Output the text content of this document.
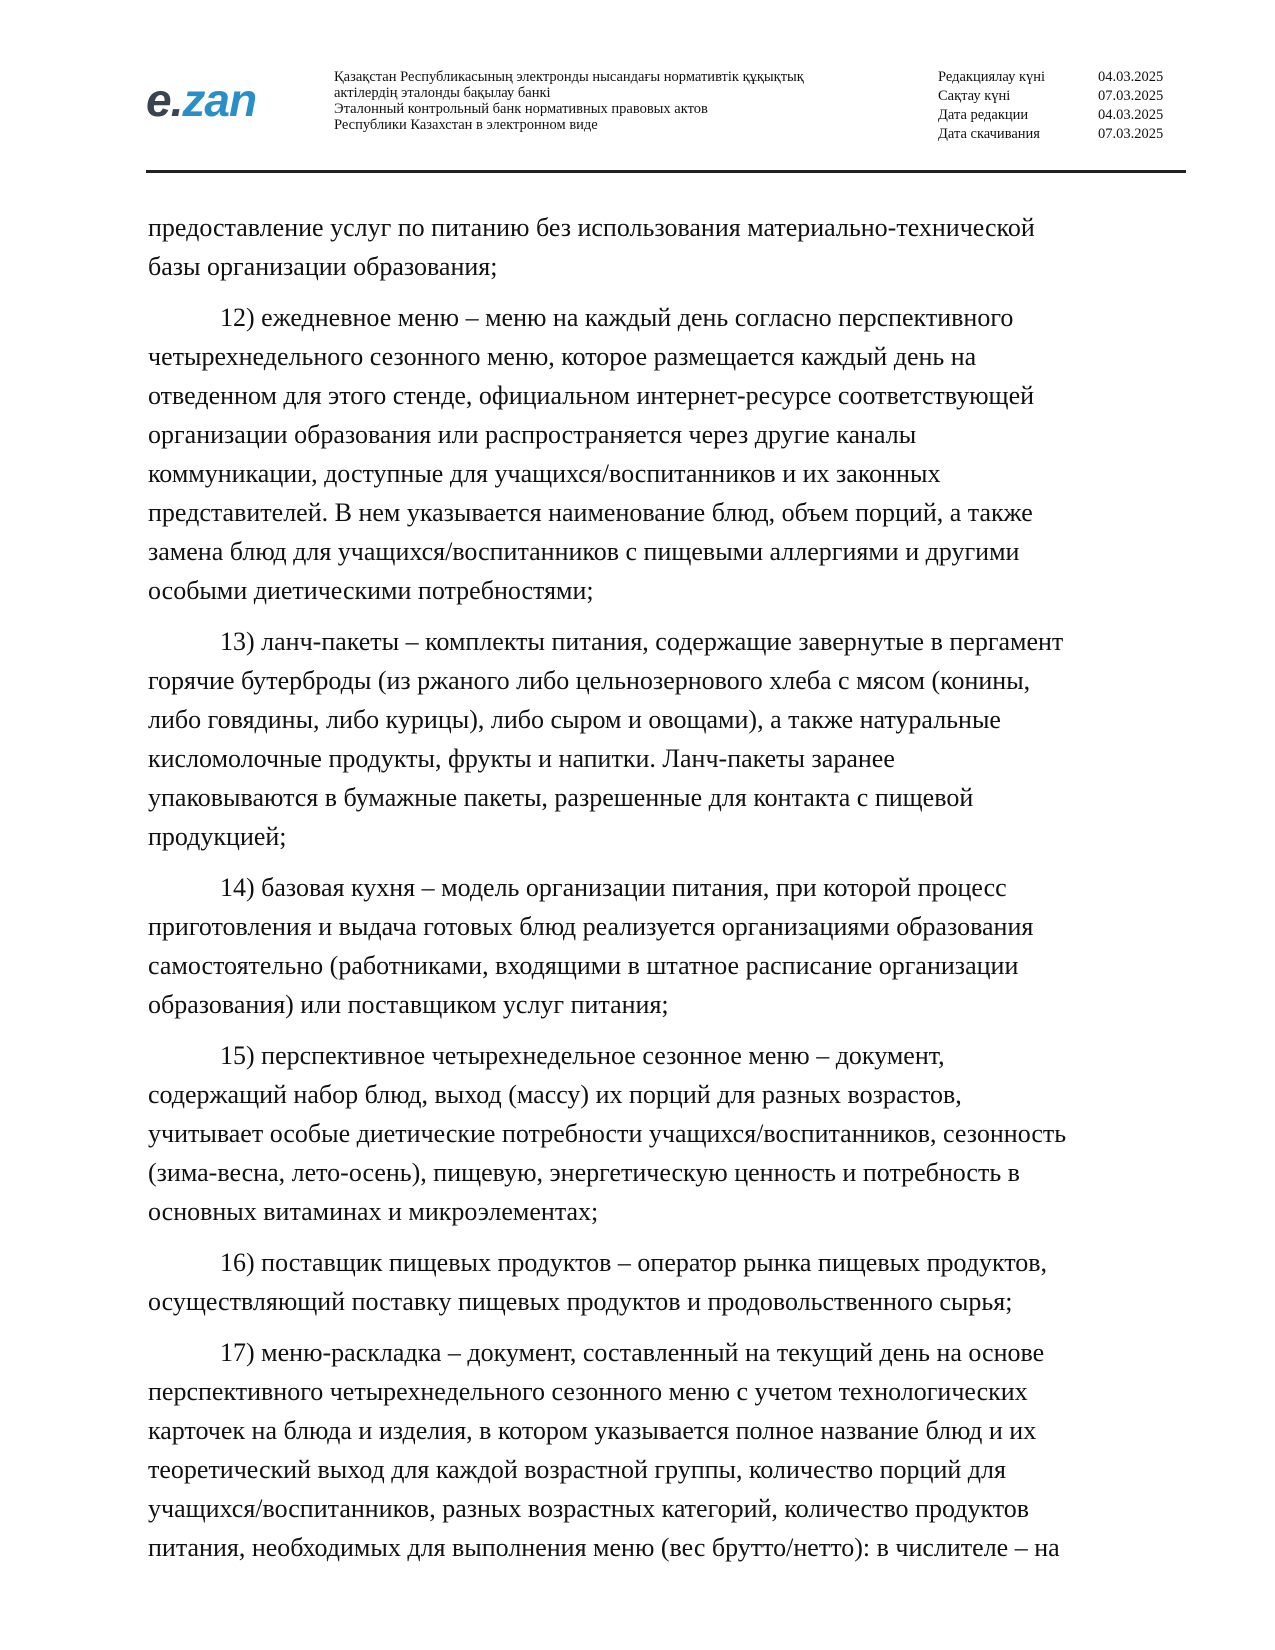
e.zan	Қазақстан Республикасының электронды нысандағы нормативтік құқықтық
актілердің эталонды бақылау банкі
Эталонный контрольный банк нормативных правовых актов
Республики Казахстан в электронном виде
Редакциялау күні	04.03.2025
Сақтау күні	07.03.2025
Дата редакции	04.03.2025
Дата скачивания	07.03.2025

предоставление услуг по питанию без использования материально-технической
базы организации образования;

12) ежедневное меню – меню на каждый день согласно перспективного
четырехнедельного сезонного меню, которое размещается каждый день на
отведенном для этого стенде, официальном интернет-ресурсе соответствующей
организации образования или распространяется через другие каналы
коммуникации, доступные для учащихся/воспитанников и их законных
представителей. В нем указывается наименование блюд, объем порций, а также
замена блюд для учащихся/воспитанников с пищевыми аллергиями и другими
особыми диетическими потребностями;

13) ланч-пакеты – комплекты питания, содержащие завернутые в пергамент
горячие бутерброды (из ржаного либо цельнозернового хлеба с мясом (конины,
либо говядины, либо курицы), либо сыром и овощами), а также натуральные
кисломолочные продукты, фрукты и напитки. Ланч-пакеты заранее
упаковываются в бумажные пакеты, разрешенные для контакта с пищевой
продукцией;

14) базовая кухня – модель организации питания, при которой процесс
приготовления и выдача готовых блюд реализуется организациями образования
самостоятельно (работниками, входящими в штатное расписание организации
образования) или поставщиком услуг питания;

15) перспективное четырехнедельное сезонное меню – документ,
содержащий набор блюд, выход (массу) их порций для разных возрастов,
учитывает особые диетические потребности учащихся/воспитанников, сезонность
(зима-весна, лето-осень), пищевую, энергетическую ценность и потребность в
основных витаминах и микроэлементах;

16) поставщик пищевых продуктов – оператор рынка пищевых продуктов,
осуществляющий поставку пищевых продуктов и продовольственного сырья;

17) меню-раскладка – документ, составленный на текущий день на основе
перспективного четырехнедельного сезонного меню с учетом технологических
карточек на блюда и изделия, в котором указывается полное название блюд и их
теоретический выход для каждой возрастной группы, количество порций для
учащихся/воспитанников, разных возрастных категорий, количество продуктов
питания, необходимых для выполнения меню (вес брутто/нетто): в числителе – на
